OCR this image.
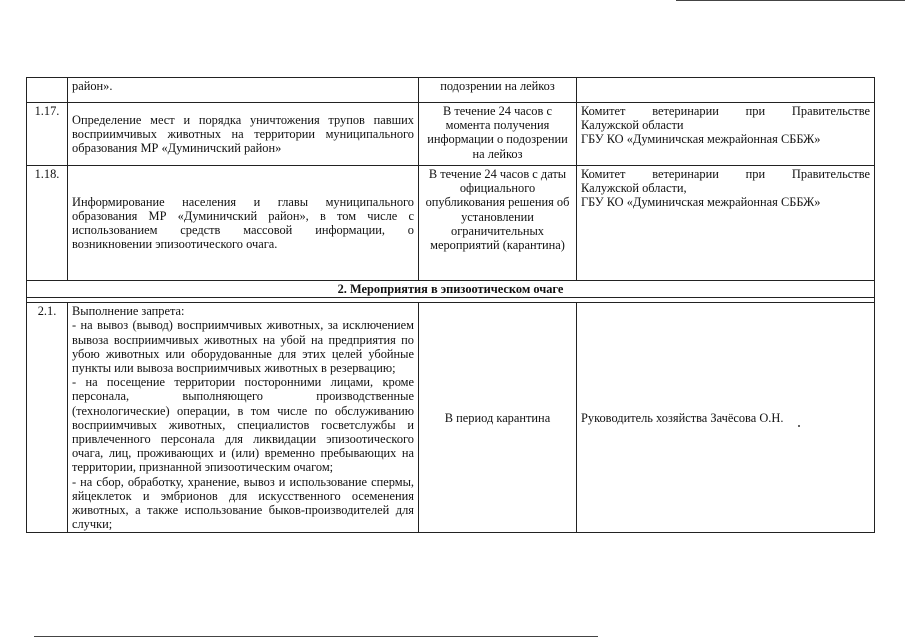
	район».	подозрении на лейкоз	
1.17.	Определение мест и порядка уничтожения трупов павших восприимчивых животных на территории муниципального образования МР «Думиничский район»	В течение 24 часов с момента получения информации о подозрении на лейкоз	Комитет ветеринарии при Правительстве
Калужской области
ГБУ КО «Думиничская межрайонная СББЖ»

1.18.	Информирование населения и главы муниципального образования МР «Думиничский район», в том числе с использованием средств массовой информации, о возникновении эпизоотического очага.	В течение 24 часов с даты официального опубликования решения об установлении ограничительных мероприятий (карантина)	Комитет ветеринарии при Правительстве
Калужской области,
ГБУ КО «Думиничская межрайонная СББЖ»

2. Мероприятия в эпизоотическом очаге			

2.1.	Выполнение запрета:
- на вывоз (вывод) восприимчивых животных, за исключением вывоза восприимчивых животных на убой на предприятия по убою животных или оборудованные для этих целей убойные пункты или вывоза восприимчивых животных в резервацию;
- на посещение территории посторонними лицами, кроме персонала, выполняющего производственные (технологические) операции, в том числе по обслуживанию восприимчивых животных, специалистов госветслужбы и привлеченного персонала для ликвидации эпизоотического очага, лиц, проживающих и (или) временно пребывающих на территории, признанной эпизоотическим очагом;
- на сбор, обработку, хранение, вывоз и использование спермы, яйцеклеток и эмбрионов для искусственного осеменения животных, а также использование быков-производителей для случки;	В период карантина	Руководитель хозяйства Зачёсова О.Н.
